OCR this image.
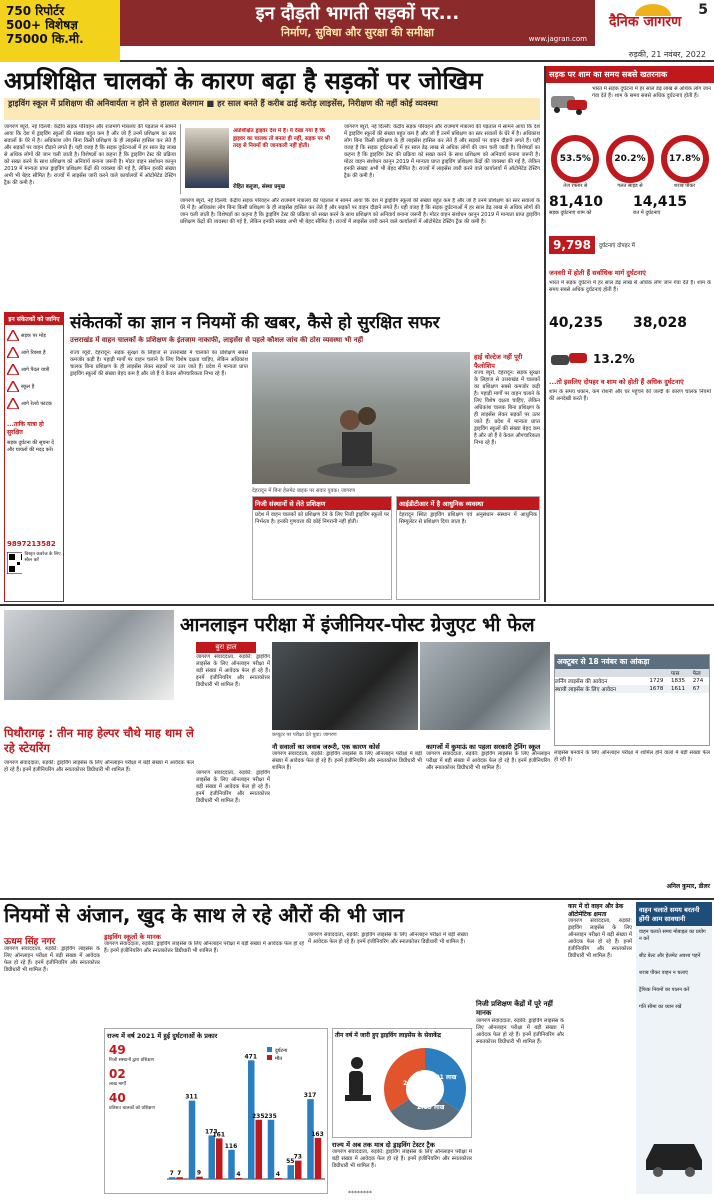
750 रिपोर्टर
500+ विशेषज्ञ
75000 कि.मी.
इन दौड़ती भागती सड़कों पर...
निर्माण, सुविधा और सुरक्षा की समीक्षा	www.jagran.com
दैनिक जागरण
5
रुड़की, 21 नवंबर, 2022
अप्रशिक्षित चालकों के कारण बढ़ा है सड़कों पर जोखिम
ड्राइविंग स्कूल में प्रशिक्षण की अनिवार्यता न होने से हालात बेलगाम ■ हर साल बनते हैं करीब ढाई करोड़ लाइसेंस, निरीक्षण की नहीं कोई व्यवस्था
जागरण ब्यूरो, नई दिल्ली: केंद्रीय सड़क परिवहन और राजमार्ग मंत्रालय की पड़ताल में सामने आया कि देश में ड्राइविंग स्कूलों की संख्या बहुत कम है और जो हैं उनमें प्रशिक्षण का स्तर सवालों के घेरे में है। अधिकांश लोग बिना किसी प्रशिक्षण के ही लाइसेंस हासिल कर लेते हैं और सड़कों पर वाहन दौड़ाने लगते हैं। यही वजह है कि सड़क दुर्घटनाओं में हर साल डेढ़ लाख से अधिक लोगों की जान चली जाती है। विशेषज्ञों का कहना है कि ड्राइविंग टेस्ट की प्रक्रिया को सख्त करने के साथ प्रशिक्षण को अनिवार्य बनाना जरूरी है। मोटर वाहन संशोधन कानून 2019 में मान्यता प्राप्त ड्राइविंग प्रशिक्षण केंद्रों की व्यवस्था की गई है, लेकिन इनकी संख्या अभी भी बेहद सीमित है। राज्यों में लाइसेंस जारी करने वाले कार्यालयों में ऑटोमेटेड टेस्टिंग ट्रैक की कमी है।
अप्रशिक्षित ड्राइवर देश में हैं। ये देखा गया है कि ड्राइवर का चालक तो बनता ही नहीं, सड़क पर भी तरह से नियमों की जानकारी नहीं होती।
रोहित बलूजा, संस्था प्रमुख
जागरण ब्यूरो, नई दिल्ली: केंद्रीय सड़क परिवहन और राजमार्ग मंत्रालय की पड़ताल में सामने आया कि देश में ड्राइविंग स्कूलों की संख्या बहुत कम है और जो हैं उनमें प्रशिक्षण का स्तर सवालों के घेरे में है। अधिकांश लोग बिना किसी प्रशिक्षण के ही लाइसेंस हासिल कर लेते हैं और सड़कों पर वाहन दौड़ाने लगते हैं। यही वजह है कि सड़क दुर्घटनाओं में हर साल डेढ़ लाख से अधिक लोगों की जान चली जाती है। विशेषज्ञों का कहना है कि ड्राइविंग टेस्ट की प्रक्रिया को सख्त करने के साथ प्रशिक्षण को अनिवार्य बनाना जरूरी है। मोटर वाहन संशोधन कानून 2019 में मान्यता प्राप्त ड्राइविंग प्रशिक्षण केंद्रों की व्यवस्था की गई है, लेकिन इनकी संख्या अभी भी बेहद सीमित है। राज्यों में लाइसेंस जारी करने वाले कार्यालयों में ऑटोमेटेड टेस्टिंग ट्रैक की कमी है।
जागरण ब्यूरो, नई दिल्ली: केंद्रीय सड़क परिवहन और राजमार्ग मंत्रालय की पड़ताल में सामने आया कि देश में ड्राइविंग स्कूलों की संख्या बहुत कम है और जो हैं उनमें प्रशिक्षण का स्तर सवालों के घेरे में है। अधिकांश लोग बिना किसी प्रशिक्षण के ही लाइसेंस हासिल कर लेते हैं और सड़कों पर वाहन दौड़ाने लगते हैं। यही वजह है कि सड़क दुर्घटनाओं में हर साल डेढ़ लाख से अधिक लोगों की जान चली जाती है। विशेषज्ञों का कहना है कि ड्राइविंग टेस्ट की प्रक्रिया को सख्त करने के साथ प्रशिक्षण को अनिवार्य बनाना जरूरी है। मोटर वाहन संशोधन कानून 2019 में मान्यता प्राप्त ड्राइविंग प्रशिक्षण केंद्रों की व्यवस्था की गई है, लेकिन इनकी संख्या अभी भी बेहद सीमित है। राज्यों में लाइसेंस जारी करने वाले कार्यालयों में ऑटोमेटेड टेस्टिंग ट्रैक की कमी है।
इन संकेतकों को जानिए
सड़क पर मोड़
आगे रिक्शा है
आगे पैदल यात्री
स्कूल है
आगे रेलवे फाटक
...ताकि यात्रा हो सुरक्षित
सड़क दुर्घटना की सूचना दें और घायलों की मदद करें।
9897213582
विस्तृत कवरेज के लिए स्कैन करें
संकेतकों का ज्ञान न नियमों की खबर, कैसे हो सुरक्षित सफर
उत्तराखंड में वाहन चालकों के प्रशिक्षण के इंतजाम नाकाफी, लाइसेंस से पहले कौशल जांच की ठोस व्यवस्था भी नहीं
राज्य ब्यूरो, देहरादून: सड़क सुरक्षा के लिहाज से उत्तराखंड में चालकों का प्रशिक्षण सबसे कमजोर कड़ी है। पहाड़ी मार्गों पर वाहन चलाने के लिए विशेष दक्षता चाहिए, लेकिन अधिकांश चालक बिना प्रशिक्षण के ही लाइसेंस लेकर सड़कों पर उतर जाते हैं। प्रदेश में मान्यता प्राप्त ड्राइविंग स्कूलों की संख्या बेहद कम है और जो हैं वे केवल औपचारिकता निभा रहे हैं।
देहरादून में बिना हेलमेट बाइक पर सवार युवक। जागरण
हाई वोल्टेज नहीं पूरी फैलोशिप
राज्य ब्यूरो, देहरादून: सड़क सुरक्षा के लिहाज से उत्तराखंड में चालकों का प्रशिक्षण सबसे कमजोर कड़ी है। पहाड़ी मार्गों पर वाहन चलाने के लिए विशेष दक्षता चाहिए, लेकिन अधिकांश चालक बिना प्रशिक्षण के ही लाइसेंस लेकर सड़कों पर उतर जाते हैं। प्रदेश में मान्यता प्राप्त ड्राइविंग स्कूलों की संख्या बेहद कम है और जो हैं वे केवल औपचारिकता निभा रहे हैं।
निजी संस्थानों से लेते प्रशिक्षण
प्रदेश में वाहन चालकों को प्रशिक्षण देने के लिए निजी ड्राइविंग स्कूलों पर निर्भरता है। इनकी गुणवत्ता की कोई निगरानी नहीं होती।
आईडीटीआर में है आधुनिक व्यवस्था
देहरादून स्थित ड्राइविंग प्रशिक्षण एवं अनुसंधान संस्थान में आधुनिक सिम्युलेटर से प्रशिक्षण दिया जाता है।
सड़क पर शाम का समय सबसे खतरनाक
भारत में सड़क दुर्घटना में हर साल डेढ़ लाख से अधिक लोग जान गंवा देते हैं। शाम के समय सबसे अधिक दुर्घटनाएं होती हैं।
53.5%
तेज रफ्तार से
20.2%
गलत साइड से
17.8%
शराब पीकर
81,410
सड़क दुर्घटनाएं शाम को
14,415
रात में दुर्घटनाएं
9,798	दुर्घटनाएं दोपहर में
जनवरी में होती हैं सर्वाधिक मार्ग दुर्घटनाएं
भारत में सड़क दुर्घटना में हर साल डेढ़ लाख से अधिक लोग जान गंवा देते हैं। शाम के समय सबसे अधिक दुर्घटनाएं होती हैं।
40,235	38,028
13.2%
...तो इसलिए दोपहर व शाम को होती हैं अधिक दुर्घटनाएं
शाम के समय थकान, कम रोशनी और घर पहुंचने की जल्दी के कारण चालक नियमों की अनदेखी करते हैं।
आनलाइन परीक्षा में इंजीनियर-पोस्ट ग्रेजुएट भी फेल
बुरा हाल
जागरण संवाददाता, रुड़की: ड्राइविंग लाइसेंस के लिए ऑनलाइन परीक्षा में बड़ी संख्या में आवेदक फेल हो रहे हैं। इनमें इंजीनियरिंग और स्नातकोत्तर डिग्रीधारी भी शामिल हैं।
कंप्यूटर पर परीक्षा देते युवा। जागरण
पिथौरागढ़ : तीन माह हेल्पर चौथे माह थाम ले रहे स्टेयरिंग
जागरण संवाददाता, रुड़की: ड्राइविंग लाइसेंस के लिए ऑनलाइन परीक्षा में बड़ी संख्या में आवेदक फेल हो रहे हैं। इनमें इंजीनियरिंग और स्नातकोत्तर डिग्रीधारी भी शामिल हैं।	जागरण संवाददाता, रुड़की: ड्राइविंग लाइसेंस के लिए ऑनलाइन परीक्षा में बड़ी संख्या में आवेदक फेल हो रहे हैं। इनमें इंजीनियरिंग और स्नातकोत्तर डिग्रीधारी भी शामिल हैं।
नौ सवालों का जवाब जरूरी, एक कारण कोर्स
जागरण संवाददाता, रुड़की: ड्राइविंग लाइसेंस के लिए ऑनलाइन परीक्षा में बड़ी संख्या में आवेदक फेल हो रहे हैं। इनमें इंजीनियरिंग और स्नातकोत्तर डिग्रीधारी भी शामिल हैं।
कागजों में कुमाऊं का पहला सरकारी ट्रेनिंग स्कूल
जागरण संवाददाता, रुड़की: ड्राइविंग लाइसेंस के लिए ऑनलाइन परीक्षा में बड़ी संख्या में आवेदक फेल हो रहे हैं। इनमें इंजीनियरिंग और स्नातकोत्तर डिग्रीधारी भी शामिल हैं।
अक्टूबर से 18 नवंबर का आंकड़ा
		पास	फेल
लर्निंग लाइसेंस की आवेदन	1729	1835	274
स्थायी लाइसेंस के लिए आवेदन	1678	1611	67
लाइसेंस बनवाने के लिए ऑनलाइन परीक्षा में शामिल होने वालों में बड़ी संख्या फेल हो रही है।
अनिल कुमार, डीलर
नियमों से अंजान, खुद के साथ ले रहे औरों की भी जान
ऊधम सिंह नगर
जागरण संवाददाता, रुड़की: ड्राइविंग लाइसेंस के लिए ऑनलाइन परीक्षा में बड़ी संख्या में आवेदक फेल हो रहे हैं। इनमें इंजीनियरिंग और स्नातकोत्तर डिग्रीधारी भी शामिल हैं।
ड्राइविंग स्कूलों के मानक
जागरण संवाददाता, रुड़की: ड्राइविंग लाइसेंस के लिए ऑनलाइन परीक्षा में बड़ी संख्या में आवेदक फेल हो रहे हैं। इनमें इंजीनियरिंग और स्नातकोत्तर डिग्रीधारी भी शामिल हैं।
जागरण संवाददाता, रुड़की: ड्राइविंग लाइसेंस के लिए ऑनलाइन परीक्षा में बड़ी संख्या में आवेदक फेल हो रहे हैं। इनमें इंजीनियरिंग और स्नातकोत्तर डिग्रीधारी भी शामिल हैं।
राज्य में वर्ष 2021 में हुई दुर्घटनाओं के प्रकार
49
निजी संस्थानों द्वारा प्रशिक्षण
02
लाख मार्गों
40
प्रतिशत चालकों को प्रशिक्षण
7
311
173
116
471
235
55
317
7	9
161
4
235
4
73
163
दुर्घटना
मौत
तीन वर्ष में जारी हुए ड्राइविंग लाइसेंस के सेवाकेंद्र
2.23 लाख
2.01 लाख
2.15 लाख
राज्य में अब तक मात्र दो ड्राइविंग टेस्टर ट्रैक
जागरण संवाददाता, रुड़की: ड्राइविंग लाइसेंस के लिए ऑनलाइन परीक्षा में बड़ी संख्या में आवेदक फेल हो रहे हैं। इनमें इंजीनियरिंग और स्नातकोत्तर डिग्रीधारी भी शामिल हैं।
निजी प्रशिक्षण केंद्रों में पूरे नहीं मानक
जागरण संवाददाता, रुड़की: ड्राइविंग लाइसेंस के लिए ऑनलाइन परीक्षा में बड़ी संख्या में आवेदक फेल हो रहे हैं। इनमें इंजीनियरिंग और स्नातकोत्तर डिग्रीधारी भी शामिल हैं।
कार में दो वाहन और ढेक ऑटोमेटिक क्षमता
जागरण संवाददाता, रुड़की: ड्राइविंग लाइसेंस के लिए ऑनलाइन परीक्षा में बड़ी संख्या में आवेदक फेल हो रहे हैं। इनमें इंजीनियरिंग और स्नातकोत्तर डिग्रीधारी भी शामिल हैं।
वाहन चलाते समय बरतनी होंगी आम सावधानी
वाहन चलाते समय मोबाइल का प्रयोग न करें
सीट बेल्ट और हेलमेट अवश्य पहनें
शराब पीकर वाहन न चलाएं
ट्रैफिक नियमों का पालन करें
गति सीमा का ध्यान रखें
********
